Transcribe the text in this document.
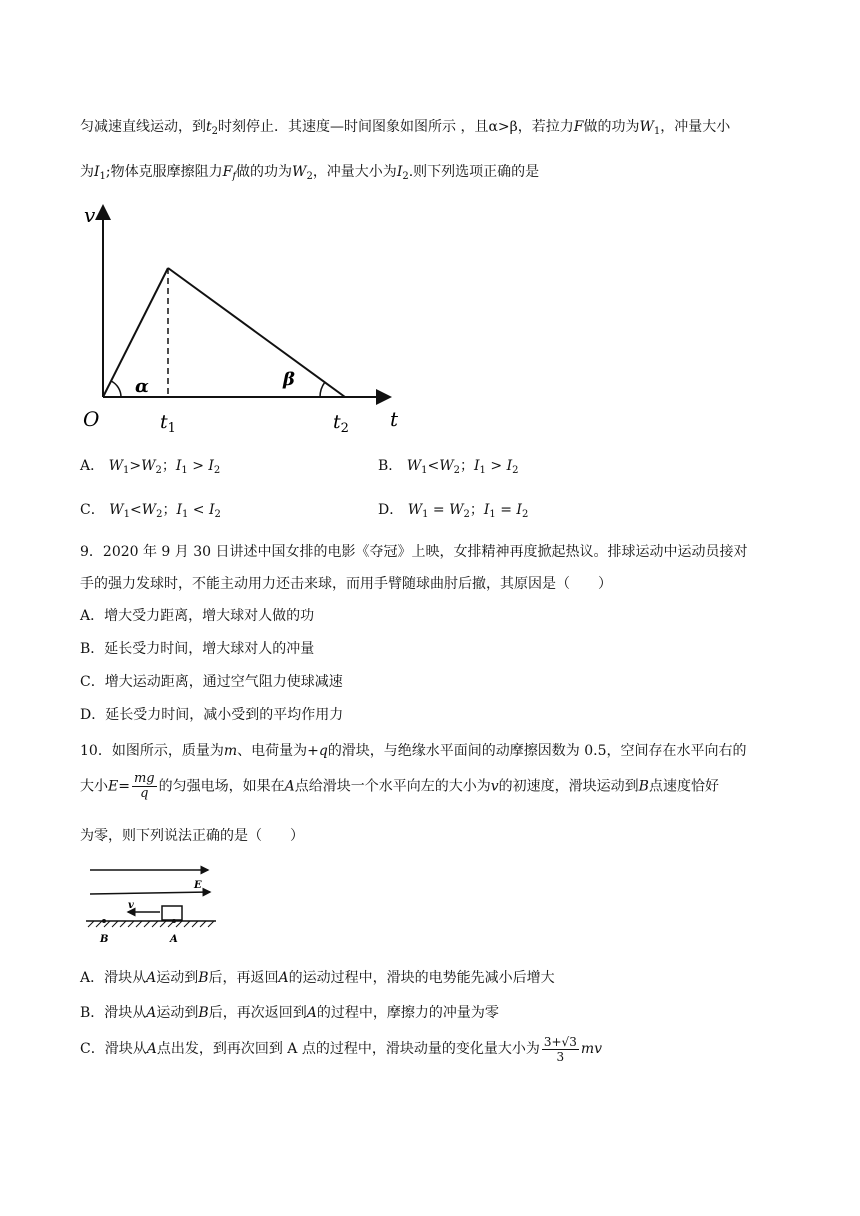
匀减速直线运动，到$t_2$时刻停止．其速度—时间图象如图所示 ，且α>β，若拉力F做的功为$W_1$，冲量大小
为$I_1$;物体克服摩擦阻力$F_f$做的功为$W_2$，冲量大小为$I_2$.则下列选项正确的是
v
O
α	β
$t_1$	$t_2$ t
A． $W_1>W_2$；$I_1 > I_2$	B． $W_1<W_2$；$I_1 > I_2$
C． $W_1<W_2$；$I_1 < I_2$	D． $W_1 = W_2$；$I_1 = I_2$
9．2020 年 9 月 30 日讲述中国女排的电影《夺冠》上映，女排精神再度掀起热议。排球运动中运动员接对
手的强力发球时，不能主动用力还击来球，而用手臂随球曲肘后撤，其原因是（　　）
A．增大受力距离，增大球对人做的功
B．延长受力时间，增大球对人的冲量
C．增大运动距离，通过空气阻力使球减速
D．延长受力时间，减小受到的平均作用力
10．如图所示，质量为m、电荷量为+q的滑块，与绝缘水平面间的动摩擦因数为 0.5，空间存在水平向右的
大小$E= \frac{mg}{q}$ 的匀强电场，如果在A点给滑块一个水平向左的大小为v的初速度，滑块运动到B点速度恰好
为零，则下列说法正确的是（　　）
E
v
B	A
A．滑块从A运动到B后，再返回A的运动过程中，滑块的电势能先减小后增大
B．滑块从A运动到B后，再次返回到A的过程中，摩擦力的冲量为零
C．滑块从A点出发，到再次回到 A 点的过程中，滑块动量的变化量大小为 $\frac{3+√3}{3}$ mv
